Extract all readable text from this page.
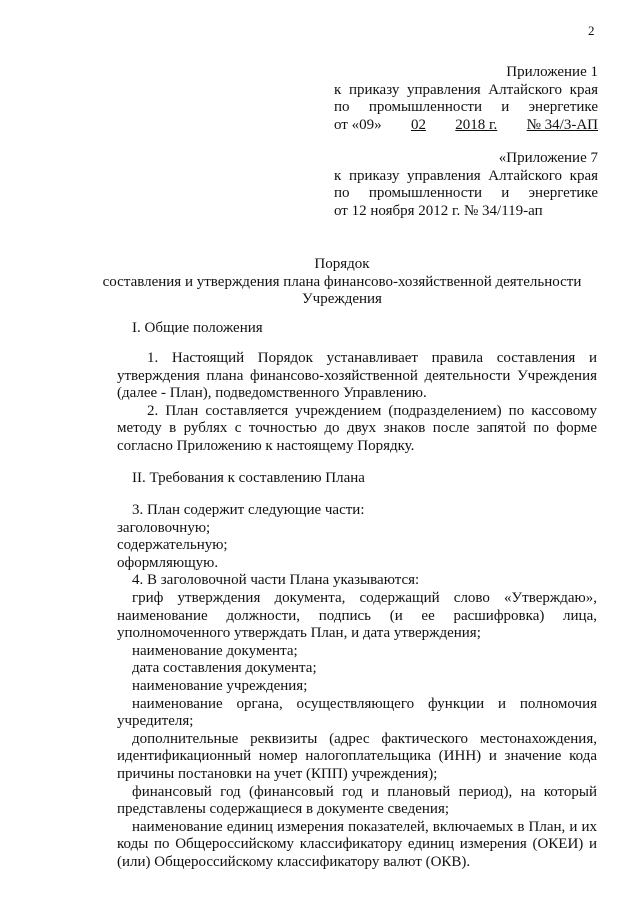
2
Приложение 1
к приказу управления Алтайского края
по промышленности и энергетике
от «09» 02 2018 г. № 34/3-АП
«Приложение 7
к приказу управления Алтайского края
по промышленности и энергетике
от 12 ноября 2012 г. № 34/119-ап
Порядок
составления и утверждения плана финансово-хозяйственной деятельности
Учреждения
I. Общие положения
1. Настоящий Порядок устанавливает правила составления и утверждения плана финансово-хозяйственной деятельности Учреждения (далее - План), подведомственного Управлению.
2. План составляется учреждением (подразделением) по кассовому методу в рублях с точностью до двух знаков после запятой по форме согласно Приложению к настоящему Порядку.
II. Требования к составлению Плана
3. План содержит следующие части:
заголовочную;
содержательную;
оформляющую.
4. В заголовочной части Плана указываются:
гриф утверждения документа, содержащий слово «Утверждаю», наименование должности, подпись (и ее расшифровка) лица, уполномоченного утверждать План, и дата утверждения;
наименование документа;
дата составления документа;
наименование учреждения;
наименование органа, осуществляющего функции и полномочия учредителя;
дополнительные реквизиты (адрес фактического местонахождения, идентификационный номер налогоплательщика (ИНН) и значение кода причины постановки на учет (КПП) учреждения);
финансовый год (финансовый год и плановый период), на который представлены содержащиеся в документе сведения;
наименование единиц измерения показателей, включаемых в План, и их коды по Общероссийскому классификатору единиц измерения (ОКЕИ) и (или) Общероссийскому классификатору валют (ОКВ).
